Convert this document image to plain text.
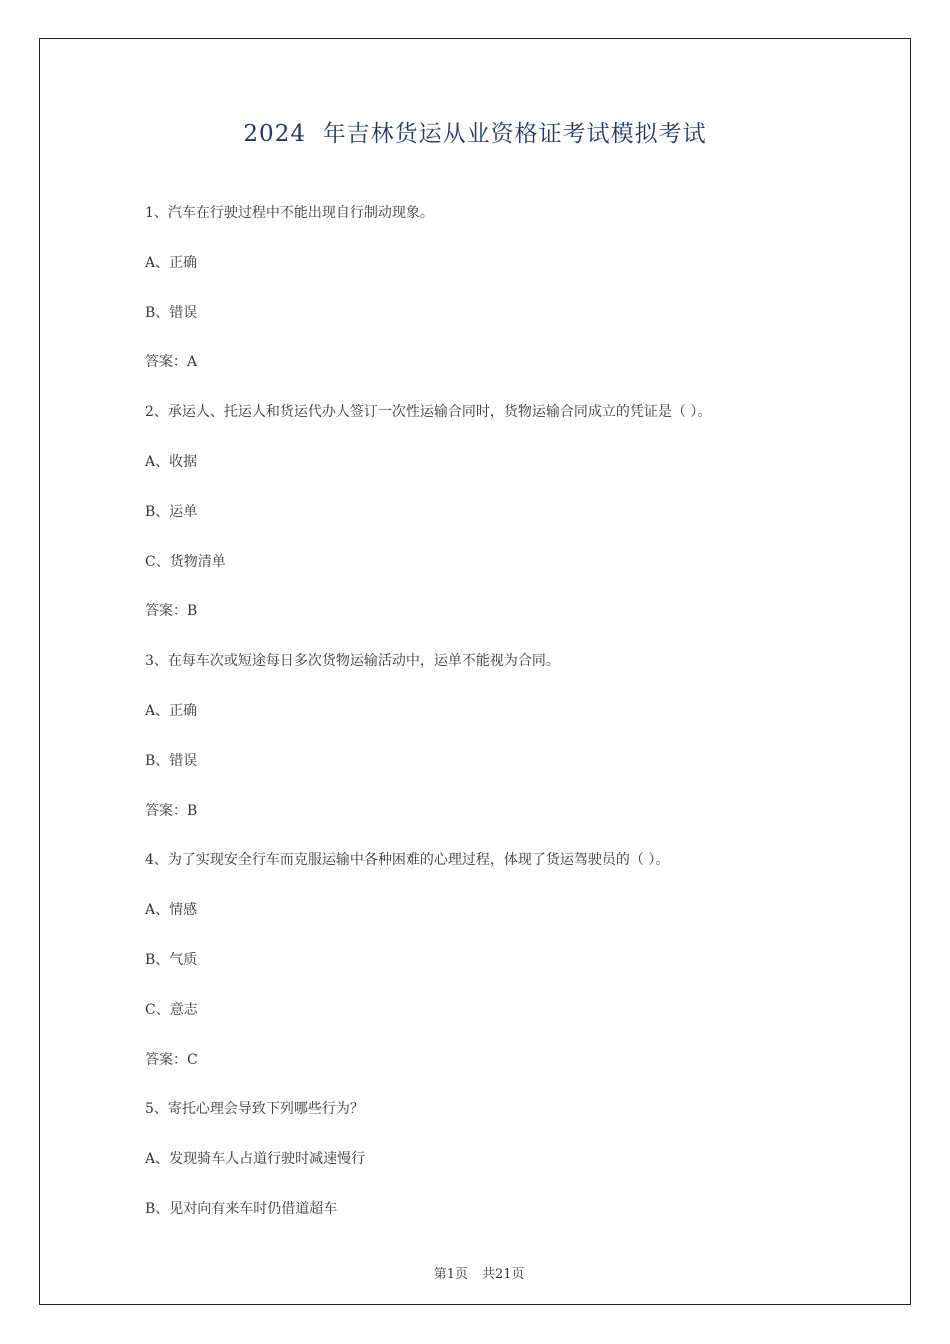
2024  年吉林货运从业资格证考试模拟考试
1、汽车在行驶过程中不能出现自行制动现象。
A、正确
B、错误
答案：A
2、承运人、托运人和货运代办人签订一次性运输合同时，货物运输合同成立的凭证是（ ）。
A、收据
B、运单
C、货物清单
答案：B
3、在每车次或短途每日多次货物运输活动中，运单不能视为合同。
A、正确
B、错误
答案：B
4、为了实现安全行车而克服运输中各种困难的心理过程，体现了货运驾驶员的（ ）。
A、情感
B、气质
C、意志
答案：C
5、寄托心理会导致下列哪些行为？
A、发现骑车人占道行驶时减速慢行
B、见对向有来车时仍借道超车

第1页 共21页
